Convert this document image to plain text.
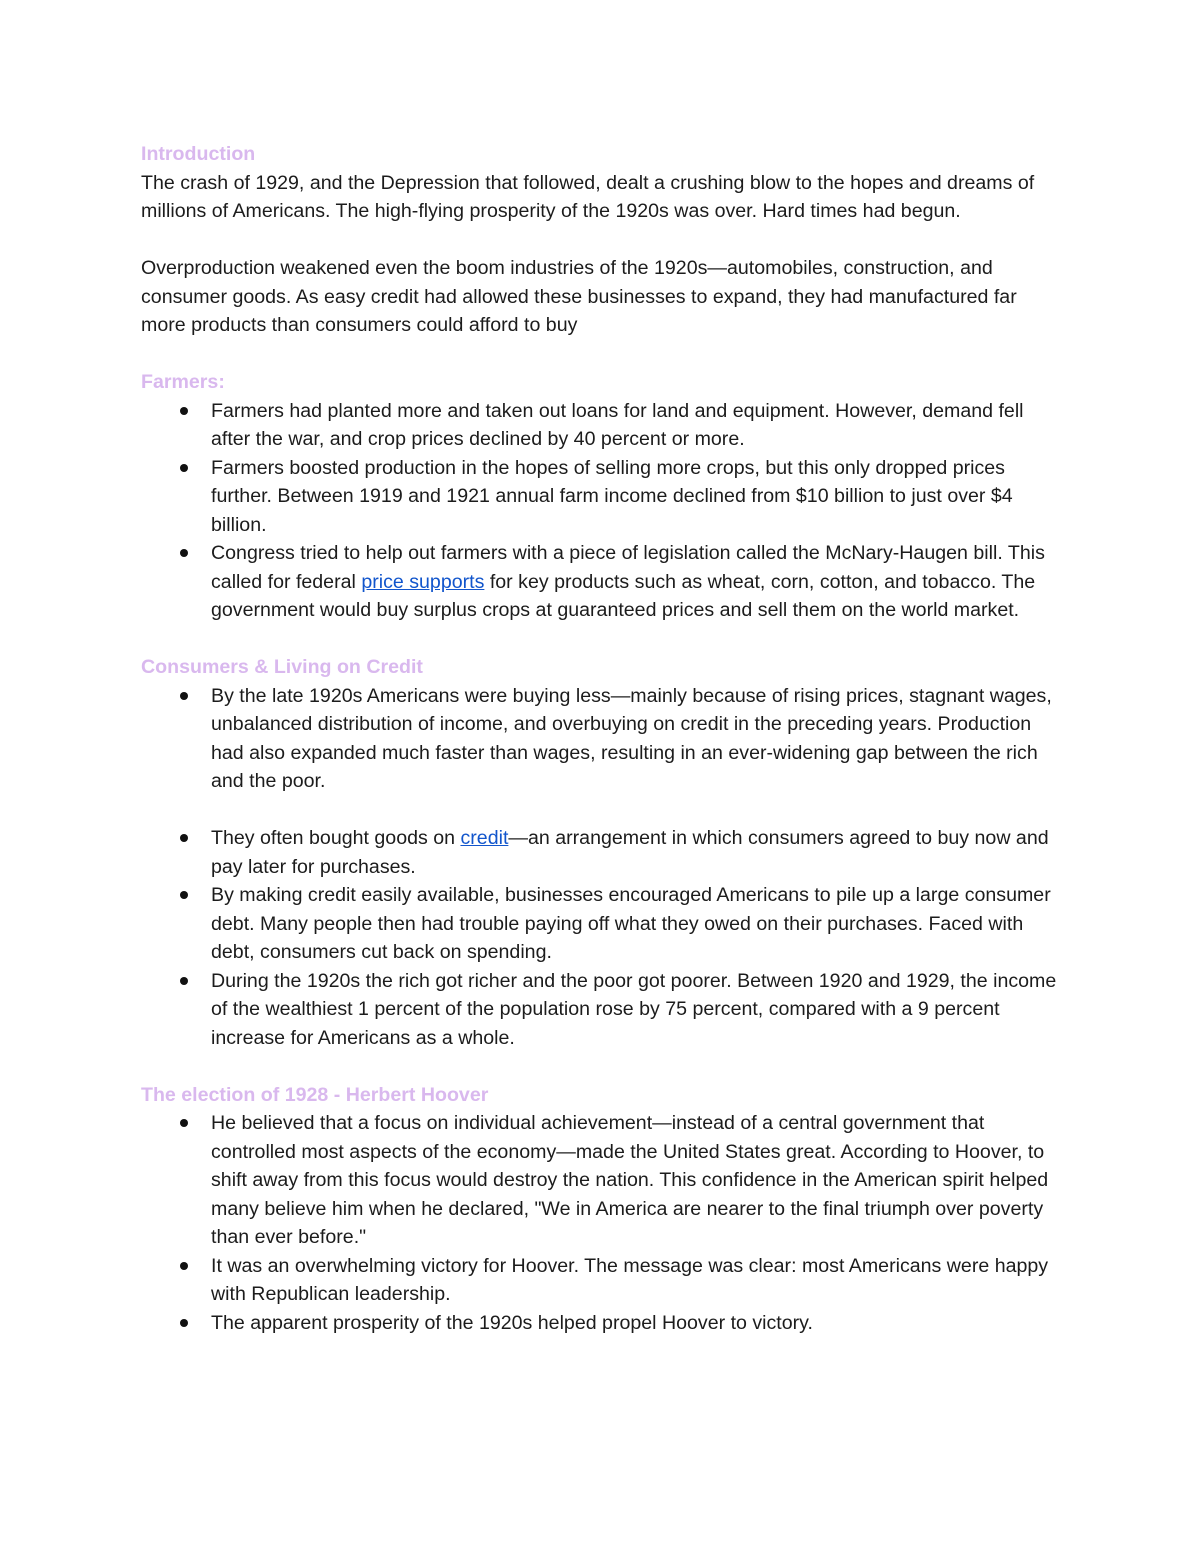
Introduction

The crash of 1929, and the Depression that followed, dealt a crushing blow to the hopes and dreams of millions of Americans. The high-flying prosperity of the 1920s was over. Hard times had begun.

Overproduction weakened even the boom industries of the 1920s—automobiles, construction, and consumer goods. As easy credit had allowed these businesses to expand, they had manufactured far more products than consumers could afford to buy

Farmers:
Farmers had planted more and taken out loans for land and equipment. However, demand fell after the war, and crop prices declined by 40 percent or more.
Farmers boosted production in the hopes of selling more crops, but this only dropped prices further. Between 1919 and 1921 annual farm income declined from $10 billion to just over $4 billion.
Congress tried to help out farmers with a piece of legislation called the McNary-Haugen bill. This called for federal price supports for key products such as wheat, corn, cotton, and tobacco. The government would buy surplus crops at guaranteed prices and sell them on the world market.
Consumers & Living on Credit
By the late 1920s Americans were buying less—mainly because of rising prices, stagnant wages, unbalanced distribution of income, and overbuying on credit in the preceding years. Production had also expanded much faster than wages, resulting in an ever-widening gap between the rich and the poor.
They often bought goods on credit—an arrangement in which consumers agreed to buy now and pay later for purchases.
By making credit easily available, businesses encouraged Americans to pile up a large consumer debt. Many people then had trouble paying off what they owed on their purchases. Faced with debt, consumers cut back on spending.
During the 1920s the rich got richer and the poor got poorer. Between 1920 and 1929, the income of the wealthiest 1 percent of the population rose by 75 percent, compared with a 9 percent increase for Americans as a whole.
The election of 1928 - Herbert Hoover
He believed that a focus on individual achievement—instead of a central government that controlled most aspects of the economy—made the United States great. According to Hoover, to shift away from this focus would destroy the nation. This confidence in the American spirit helped many believe him when he declared, "We in America are nearer to the final triumph over poverty than ever before."
It was an overwhelming victory for Hoover. The message was clear: most Americans were happy with Republican leadership.
The apparent prosperity of the 1920s helped propel Hoover to victory.
